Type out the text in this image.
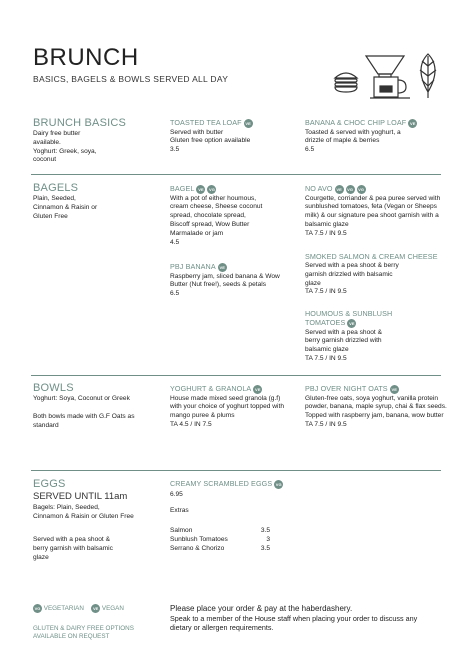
BRUNCH
BASICS, BAGELS & BOWLS SERVED ALL DAY
BRUNCH BASICS
Dairy free butter
available.
Yoghurt: Greek, soya,
coconut
TOASTED TEA LOAF VE
Served with butter
Gluten free option available
3.5
BANANA & CHOC CHIP LOAF VE
Toasted & served with yoghurt, a
drizzle of maple & berries
6.5
BAGELS
Plain, Seeded,
Cinnamon & Raisin or
Gluten Free
BAGEL VE VG
With a pot of either houmous,
cream cheese, Sheese coconut
spread, chocolate spread,
Biscoff spread, Wow Butter
Marmalade or jam
4.5
PBJ BANANA VE
Raspberry jam, sliced banana & Wow
Butter (Nut free!), seeds & petals
6.5
NO AVO VE VG VG
Courgette, corriander & pea puree served with
sunblushed tomatoes, feta (Vegan or Sheeps
milk) & our signature pea shoot garnish with a
balsamic glaze
TA 7.5 / IN 9.5
SMOKED SALMON & CREAM CHEESE
Served with a pea shoot & berry
garnish drizzled with balsamic
glaze
TA 7.5 / IN 9.5
HOUMOUS & SUNBLUSH
TOMATOES VE
Served with a pea shoot &
berry garnish drizzled with
balsamic glaze
TA 7.5 / IN 9.5
BOWLS
Yoghurt: Soya, Coconut or Greek
Both bowls made with G.F Oats as
standard
YOGHURT & GRANOLA VE
House made mixed seed granola (g.f)
with your choice of yoghurt topped with
mango puree & plums
TA 4.5 / IN 7.5
PBJ OVER NIGHT OATS VE
Gluten-free oats, soya yoghurt, vanilla protein
powder, banana, maple syrup, chai & flax seeds.
Topped with raspberry jam, banana, wow butter
TA 7.5 / IN 9.5
EGGS
SERVED UNTIL 11am
Bagels: Plain, Seeded,
Cinnamon & Raisin or Gluten Free
Served with a pea shoot &
berry garnish with balsamic
glaze
CREAMY SCRAMBLED EGGS VG
6.95
Extras
Salmon	3.5
Sunblush Tomatoes	3
Serrano & Chorizo	3.5
VG VEGETARIAN VE VEGAN
GLUTEN & DAIRY FREE OPTIONS
AVAILABLE ON REQUEST
Please place your order & pay at the haberdashery.
Speak to a member of the House staff when placing your order to discuss any
dietary or allergen requirements.
